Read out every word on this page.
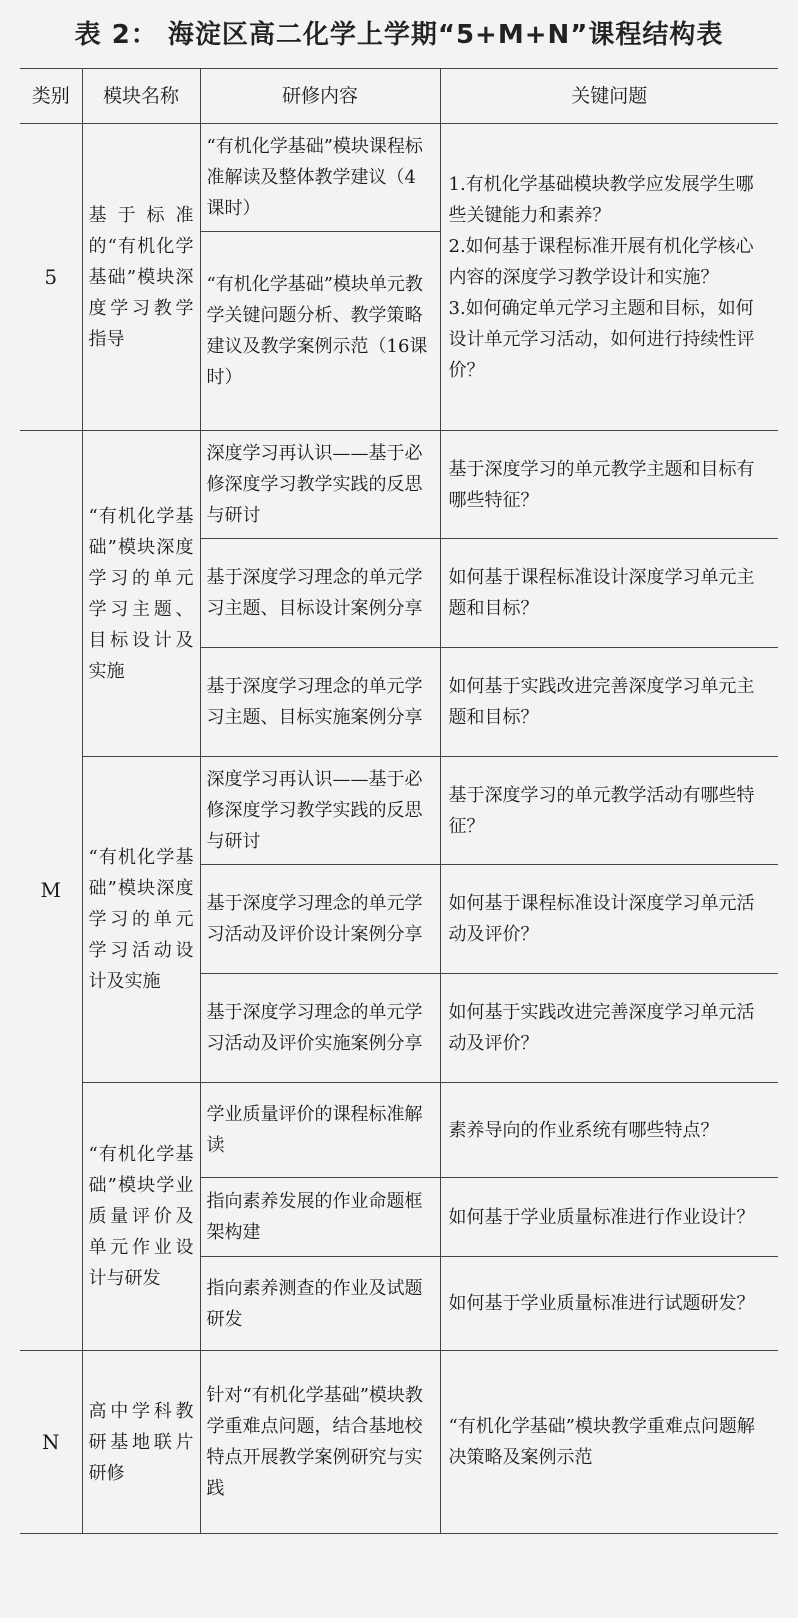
表 2： 海淀区高二化学上学期“5+M+N”课程结构表
类别	模块名称	研修内容	关键问题
5	基于标准的“有机化学基础”模块深度学习教学指导	“有机化学基础”模块课程标准解读及整体教学建议（4课时）	1.有机化学基础模块教学应发展学生哪些关键能力和素养？
2.如何基于课程标准开展有机化学核心内容的深度学习教学设计和实施？
3.如何确定单元学习主题和目标，如何设计单元学习活动，如何进行持续性评价？
		“有机化学基础”模块单元教学关键问题分析、教学策略建议及教学案例示范（16课时）	
M	“有机化学基础”模块深度学习的单元学习主题、目标设计及实施	深度学习再认识——基于必修深度学习教学实践的反思与研讨	基于深度学习的单元教学主题和目标有哪些特征？
		基于深度学习理念的单元学习主题、目标设计案例分享	如何基于课程标准设计深度学习单元主题和目标？
		基于深度学习理念的单元学习主题、目标实施案例分享	如何基于实践改进完善深度学习单元主题和目标？
	“有机化学基础”模块深度学习的单元学习活动设计及实施	深度学习再认识——基于必修深度学习教学实践的反思与研讨	基于深度学习的单元教学活动有哪些特征？
		基于深度学习理念的单元学习活动及评价设计案例分享	如何基于课程标准设计深度学习单元活动及评价？
		基于深度学习理念的单元学习活动及评价实施案例分享	如何基于实践改进完善深度学习单元活动及评价？
	“有机化学基础”模块学业质量评价及单元作业设计与研发	学业质量评价的课程标准解读	素养导向的作业系统有哪些特点？
		指向素养发展的作业命题框架构建	如何基于学业质量标准进行作业设计？
		指向素养测查的作业及试题研发	如何基于学业质量标准进行试题研发？
N	高中学科教研基地联片研修	针对“有机化学基础”模块教学重难点问题，结合基地校特点开展教学案例研究与实践	“有机化学基础”模块教学重难点问题解决策略及案例示范
